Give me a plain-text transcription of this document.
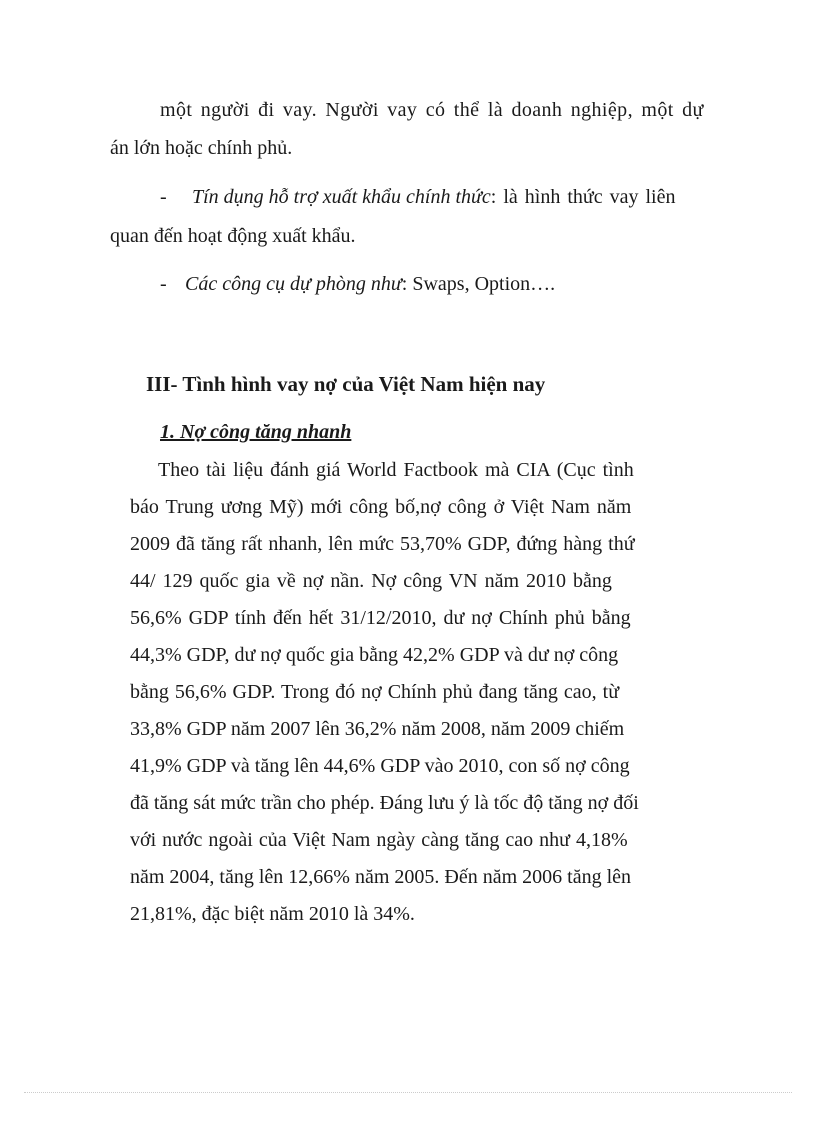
một người đi vay. Người vay có thể là doanh nghiệp, một dự
án lớn hoặc chính phủ.
- Tín dụng hỗ trợ xuất khẩu chính thức: là hình thức vay liên
quan đến hoạt động xuất khẩu.
- Các công cụ dự phòng như: Swaps, Option….
III- Tình hình vay nợ của Việt Nam hiện nay
1. Nợ công tăng nhanh
Theo tài liệu đánh giá World Factbook mà CIA (Cục tình
báo Trung ương Mỹ) mới công bố,nợ công ở Việt Nam năm
2009 đã tăng rất nhanh, lên mức 53,70% GDP, đứng hàng thứ
44/ 129 quốc gia về nợ nần. Nợ công VN năm 2010 bằng
56,6% GDP tính đến hết 31/12/2010, dư nợ Chính phủ bằng
44,3% GDP, dư nợ quốc gia bằng 42,2% GDP và dư nợ công
bằng 56,6% GDP. Trong đó nợ Chính phủ đang tăng cao, từ
33,8% GDP năm 2007 lên 36,2% năm 2008, năm 2009 chiếm
41,9% GDP và tăng lên 44,6% GDP vào 2010, con số nợ công
đã tăng sát mức trần cho phép. Đáng lưu ý là tốc độ tăng nợ đối
với nước ngoài của Việt Nam ngày càng tăng cao như 4,18%
năm 2004, tăng lên 12,66% năm 2005. Đến năm 2006 tăng lên
21,81%, đặc biệt năm 2010 là 34%.
